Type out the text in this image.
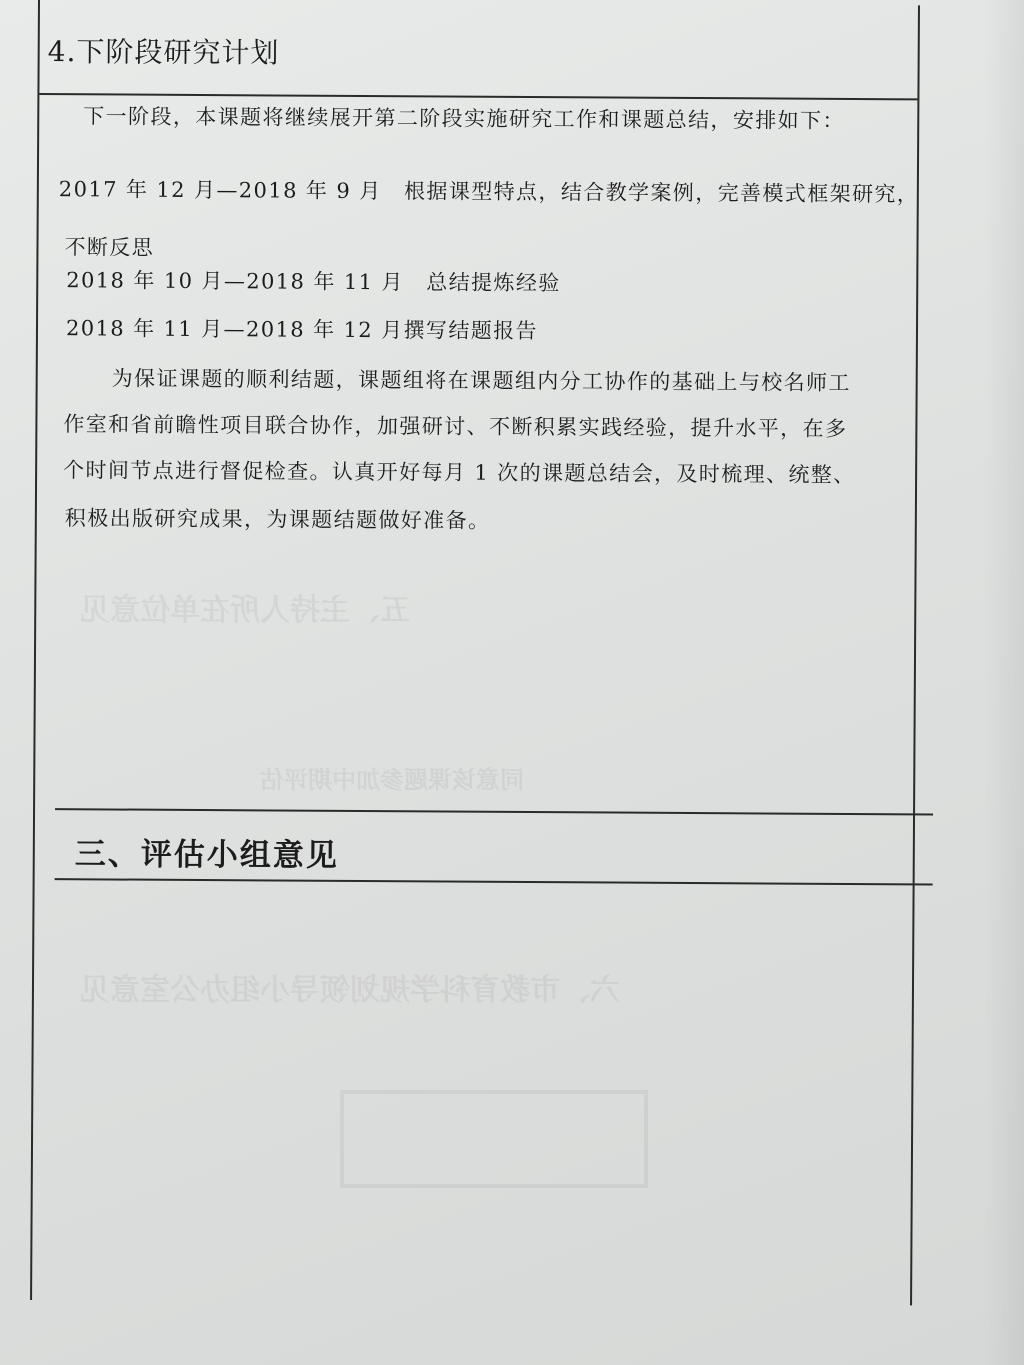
五、主持人所在单位意见
同意该课题参加中期评估
六、市教育科学规划领导小组办公室意见
4.下阶段研究计划
下一阶段，本课题将继续展开第二阶段实施研究工作和课题总结，安排如下：
2017 年 12 月—2018 年 9 月　根据课型特点，结合教学案例，完善模式框架研究，
不断反思
2018 年 10 月—2018 年 11 月　总结提炼经验
2018 年 11 月—2018 年 12 月撰写结题报告
为保证课题的顺利结题，课题组将在课题组内分工协作的基础上与校名师工
作室和省前瞻性项目联合协作，加强研讨、不断积累实践经验，提升水平，在多
个时间节点进行督促检查。认真开好每月 1 次的课题总结会，及时梳理、统整、
积极出版研究成果，为课题结题做好准备。
三、评估小组意见
